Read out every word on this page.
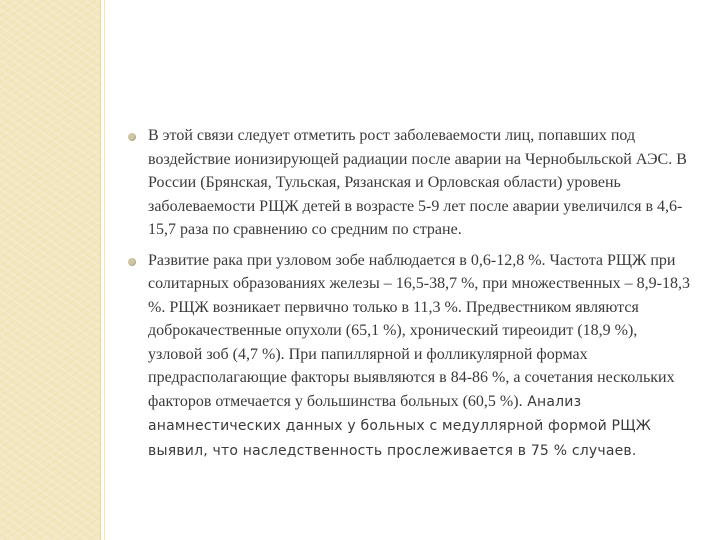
В этой связи следует отметить рост заболеваемости лиц, попавших под воздействие ионизирующей радиации после аварии на Чернобыльской АЭС. В России (Брянская, Тульская, Рязанская и Орловская области) уровень заболеваемости РЩЖ детей в возрасте 5-9 лет после аварии увеличился в 4,6-15,7 раза по сравнению со средним по стране.
Развитие рака при узловом зобе наблюдается в 0,6-12,8 %. Частота РЩЖ при солитарных образованиях железы – 16,5-38,7 %, при множественных – 8,9-18,3 %. РЩЖ возникает первично только в 11,3 %. Предвестником являются доброкачественные опухоли (65,1 %), хронический тиреоидит (18,9 %), узловой зоб (4,7 %). При папиллярной и фолликулярной формах предрасполагающие факторы выявляются в 84-86 %, а сочетания нескольких факторов отмечается у большинства больных (60,5 %). Анализ анамнестических данных у больных с медуллярной формой РЩЖ выявил, что наследственность прослеживается в 75 % случаев.
